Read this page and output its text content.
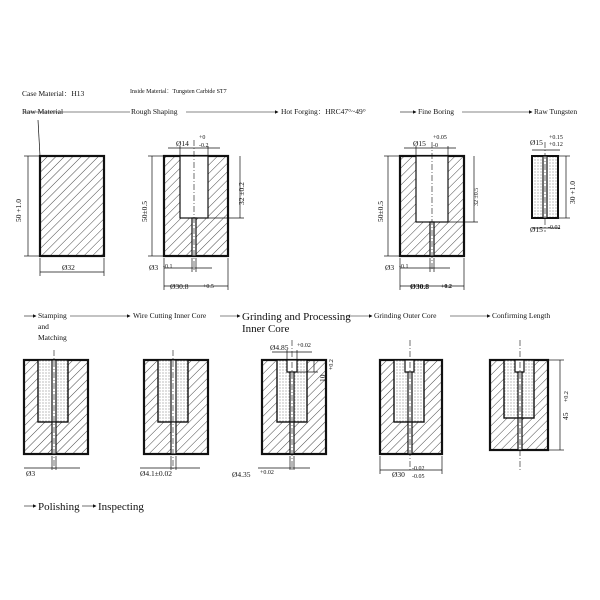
Case Material：H13	Inside Material：Tungsten Carbide ST7
Raw Material	Rough Shaping	Hot Forging：HRC47°~49°	Fine Boring	Raw Tungsten
50 +1.0
Ø32
Ø14
+0
-0.2
50±0.5
32 ±0.2
Ø3 -0.1
Ø30.8 +0.5
Ø15
+0.05
-0
50±0.5
32 ±0.5
Ø3 -0.1
Ø30.8 +0.2
Ø15 +0.15
+0.12
30 +1.0
Ø15 -0.02
Stamping
and
Matching
Wire Cutting Inner Core	Grinding and Processing
Inner Core
Grinding Outer Core	Confirming Length
Ø3	Ø4.1±0.02
Ø4.85 +0.02
10
+0.2
Ø4.35 +0.02	Ø30
-0.02
-0.05
45
+0.2
Polishing Inspecting
